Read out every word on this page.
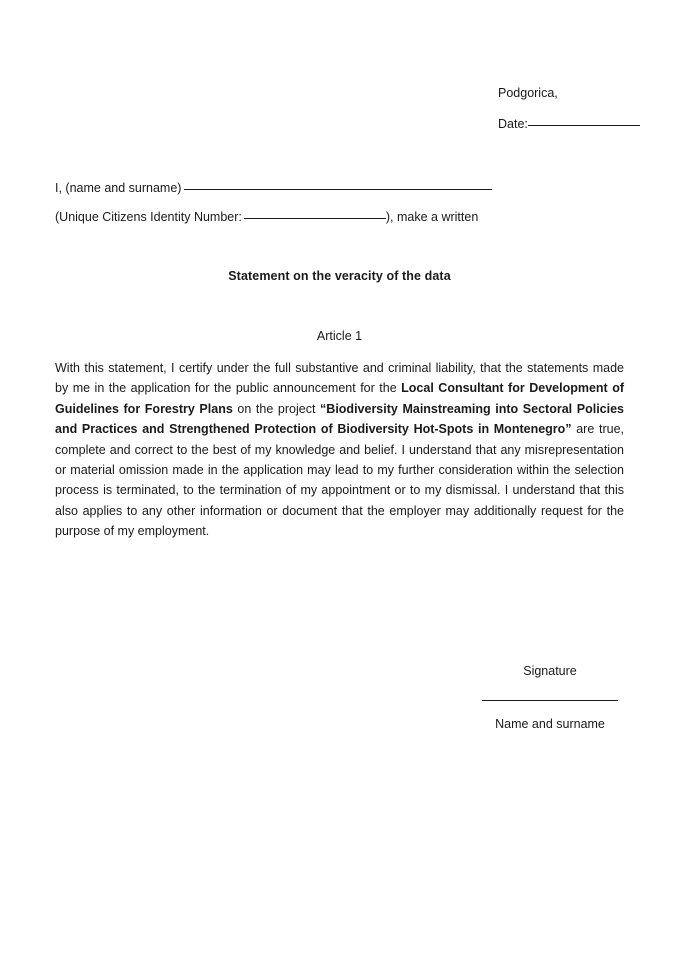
Podgorica,
Date:
I, (name and surname)
(Unique Citizens Identity Number:	), make a written
Statement on the veracity of the data
Article 1
With this statement, I certify under the full substantive and criminal liability, that the statements made by me in the application for the public announcement for the Local Consultant for Development of Guidelines for Forestry Plans on the project “Biodiversity Mainstreaming into Sectoral Policies and Practices and Strengthened Protection of Biodiversity Hot-Spots in Montenegro” are true, complete and correct to the best of my knowledge and belief. I understand that any misrepresentation or material omission made in the application may lead to my further consideration within the selection process is terminated, to the termination of my appointment or to my dismissal. I understand that this also applies to any other information or document that the employer may additionally request for the purpose of my employment.
Signature
Name and surname
